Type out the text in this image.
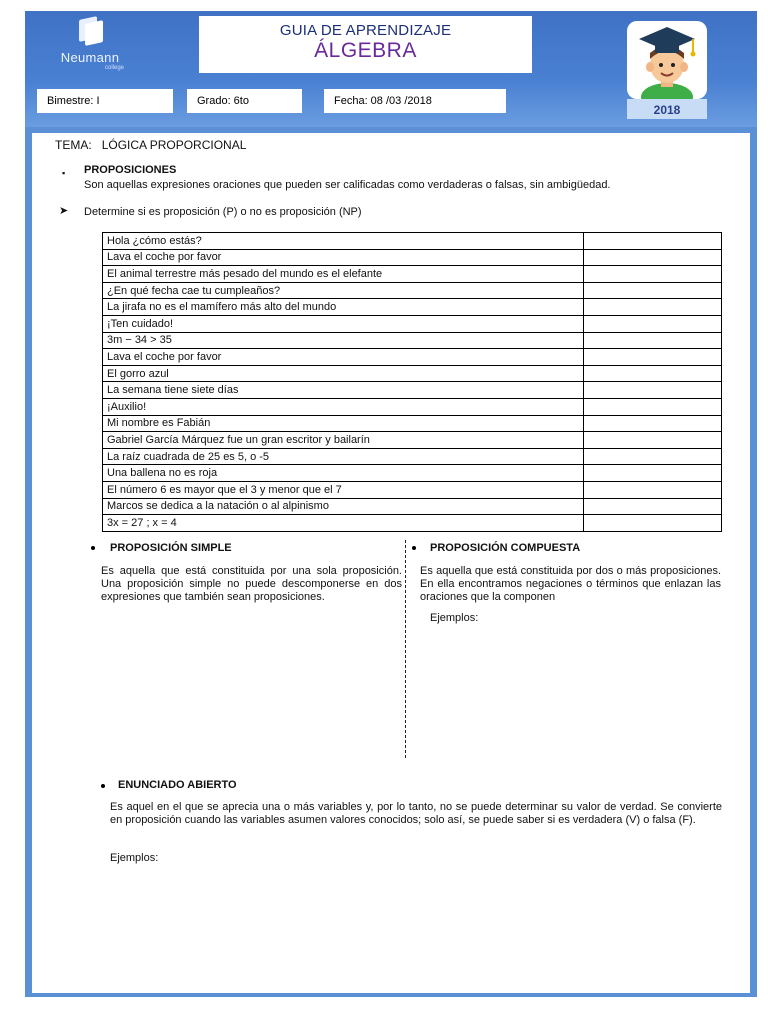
Neumann
college
GUIA DE APRENDIZAJE
ÁLGEBRA
Bimestre: I	Grado: 6to	Fecha: 08 /03 /2018
2018
TEMA: LÓGICA PROPORCIONAL
▪ PROPOSICIONES
Son aquellas expresiones oraciones que pueden ser calificadas como verdaderas o falsas, sin ambigüedad.
➤ Determine si es proposición (P) o no es proposición (NP)
Hola ¿cómo estás?	
Lava el coche por favor	
El animal terrestre más pesado del mundo es el elefante	
¿En qué fecha cae tu cumpleaños?	
La jirafa no es el mamífero más alto del mundo	
¡Ten cuidado!	
3m − 34 > 35	
Lava el coche por favor	
El gorro azul	
La semana tiene siete días	
¡Auxilio!	
Mi nombre es Fabián	
Gabriel García Márquez fue un gran escritor y bailarín	
La raíz cuadrada de 25 es 5, o -5	
Una ballena no es roja	
El número 6 es mayor que el 3 y menor que el 7	
Marcos se dedica a la natación o al alpinismo	
3x = 27 ; x = 4	
PROPOSICIÓN SIMPLE
Es aquella que está constituida por una sola proposición. Una proposición simple no puede descomponerse en dos expresiones que también sean proposiciones.
PROPOSICIÓN COMPUESTA
Es aquella que está constituida por dos o más proposiciones. En ella encontramos negaciones o términos que enlazan las oraciones que la componen
Ejemplos:
ENUNCIADO ABIERTO
Es aquel en el que se aprecia una o más variables y, por lo tanto, no se puede determinar su valor de verdad. Se convierte en proposición cuando las variables asumen valores conocidos; solo así, se puede saber si es verdadera (V) o falsa (F).
Ejemplos:
